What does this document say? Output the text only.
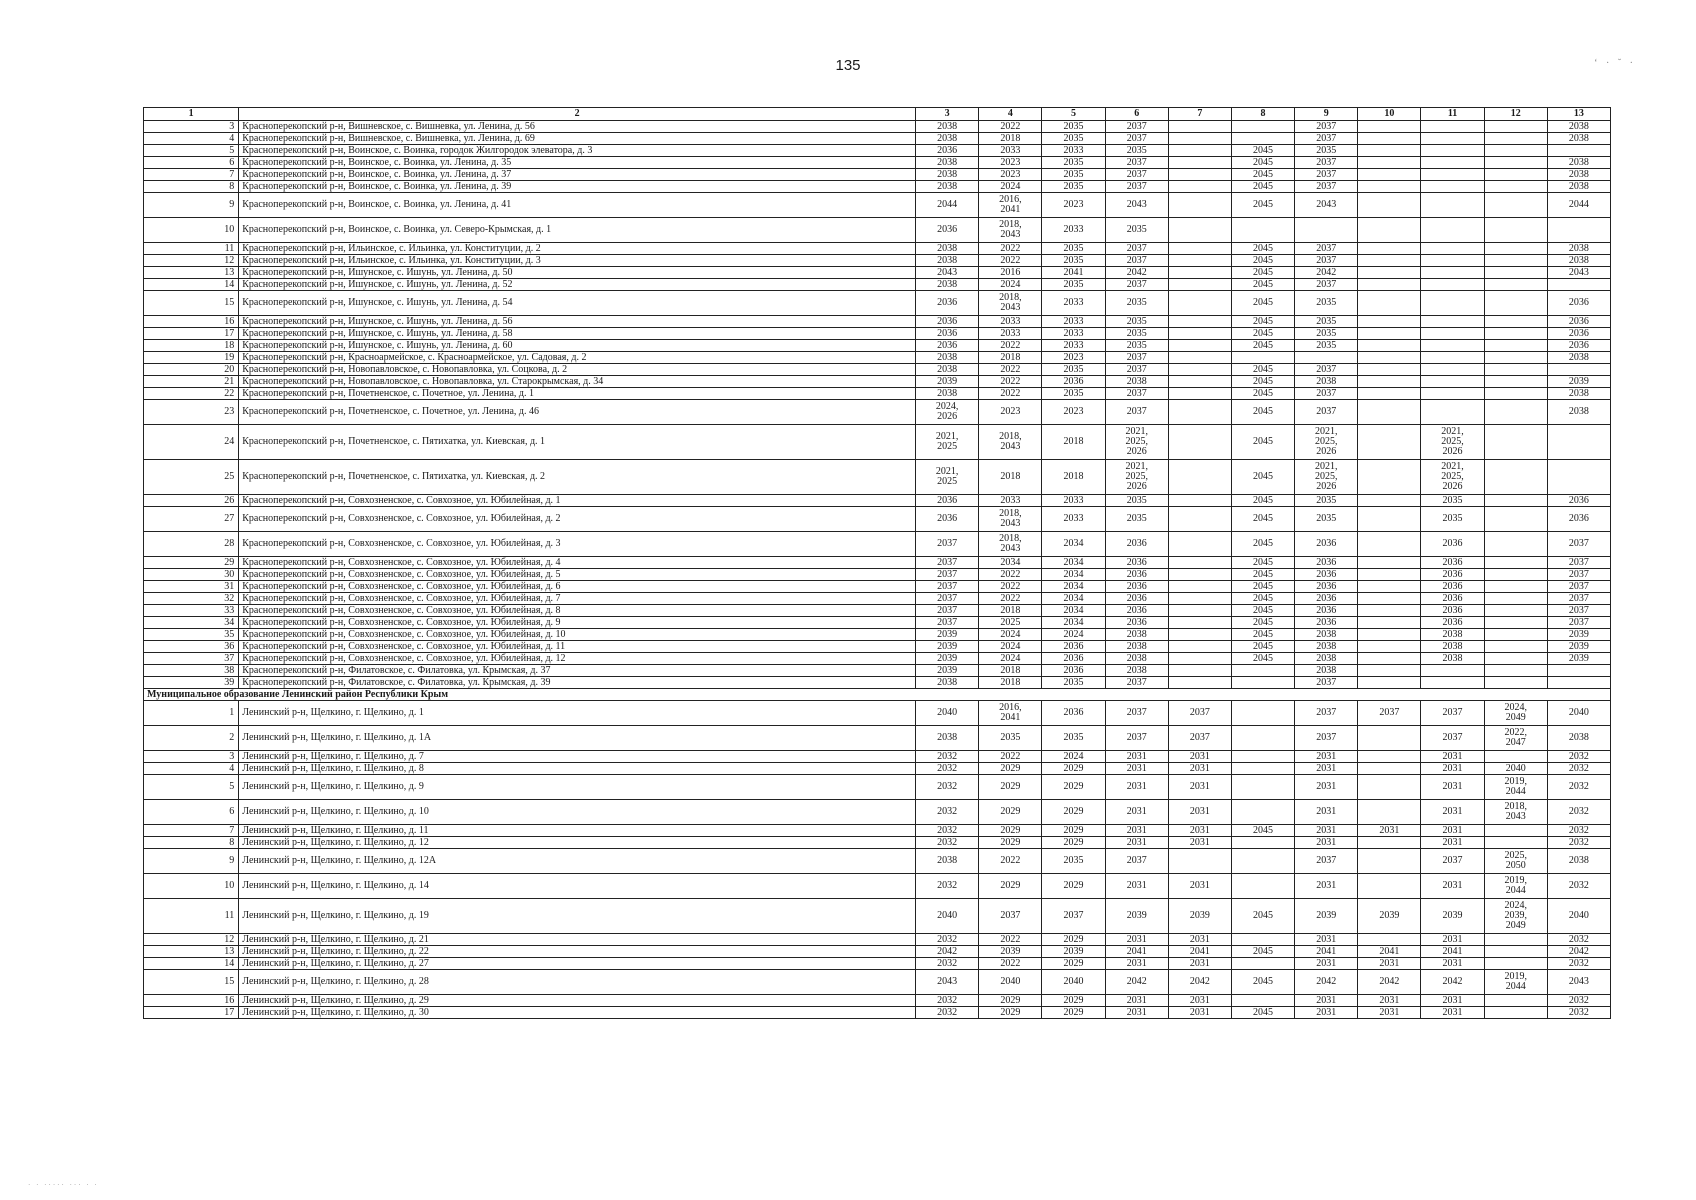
135	‘ · ˘ ·
· · ····· ··· · ·
1	2	3	4	5	6	7	8	9	10	11	12	13
3	Красноперекопский р-н, Вишневское, с. Вишневка, ул. Ленина, д. 56	2038	2022	2035	2037			2037				2038
4	Красноперекопский р-н, Вишневское, с. Вишневка, ул. Ленина, д. 69	2038	2018	2035	2037			2037				2038
5	Красноперекопский р-н, Воинское, с. Воинка, городок Жилгородок элеватора, д. 3	2036	2033	2033	2035		2045	2035				
6	Красноперекопский р-н, Воинское, с. Воинка, ул. Ленина, д. 35	2038	2023	2035	2037		2045	2037				2038
7	Красноперекопский р-н, Воинское, с. Воинка, ул. Ленина, д. 37	2038	2023	2035	2037		2045	2037				2038
8	Красноперекопский р-н, Воинское, с. Воинка, ул. Ленина, д. 39	2038	2024	2035	2037		2045	2037				2038
9	Красноперекопский р-н, Воинское, с. Воинка, ул. Ленина, д. 41	2044	2016,
2041	2023	2043		2045	2043				2044
10	Красноперекопский р-н, Воинское, с. Воинка, ул. Северо-Крымская, д. 1	2036	2018,
2043	2033	2035							
11	Красноперекопский р-н, Ильинское, с. Ильинка, ул. Конституции, д. 2	2038	2022	2035	2037		2045	2037				2038
12	Красноперекопский р-н, Ильинское, с. Ильинка, ул. Конституции, д. 3	2038	2022	2035	2037		2045	2037				2038
13	Красноперекопский р-н, Ишунское, с. Ишунь, ул. Ленина, д. 50	2043	2016	2041	2042		2045	2042				2043
14	Красноперекопский р-н, Ишунское, с. Ишунь, ул. Ленина, д. 52	2038	2024	2035	2037		2045	2037				
15	Красноперекопский р-н, Ишунское, с. Ишунь, ул. Ленина, д. 54	2036	2018,
2043	2033	2035		2045	2035				2036
16	Красноперекопский р-н, Ишунское, с. Ишунь, ул. Ленина, д. 56	2036	2033	2033	2035		2045	2035				2036
17	Красноперекопский р-н, Ишунское, с. Ишунь, ул. Ленина, д. 58	2036	2033	2033	2035		2045	2035				2036
18	Красноперекопский р-н, Ишунское, с. Ишунь, ул. Ленина, д. 60	2036	2022	2033	2035		2045	2035				2036
19	Красноперекопский р-н, Красноармейское, с. Красноармейское, ул. Садовая, д. 2	2038	2018	2023	2037							2038
20	Красноперекопский р-н, Новопавловское, с. Новопавловка, ул. Соцкова, д. 2	2038	2022	2035	2037		2045	2037				
21	Красноперекопский р-н, Новопавловское, с. Новопавловка, ул. Старокрымская, д. 34	2039	2022	2036	2038		2045	2038				2039
22	Красноперекопский р-н, Почетненское, с. Почетное, ул. Ленина, д. 1	2038	2022	2035	2037		2045	2037				2038
23	Красноперекопский р-н, Почетненское, с. Почетное, ул. Ленина, д. 46	2024,
2026	2023	2023	2037		2045	2037				2038
24	Красноперекопский р-н, Почетненское, с. Пятихатка, ул. Киевская, д. 1	2021,
2025	2018,
2043	2018	2021,
2025,
2026		2045	2021,
2025,
2026		2021,
2025,
2026		
25	Красноперекопский р-н, Почетненское, с. Пятихатка, ул. Киевская, д. 2	2021,
2025	2018	2018	2021,
2025,
2026		2045	2021,
2025,
2026		2021,
2025,
2026		
26	Красноперекопский р-н, Совхозненское, с. Совхозное, ул. Юбилейная, д. 1	2036	2033	2033	2035		2045	2035		2035		2036
27	Красноперекопский р-н, Совхозненское, с. Совхозное, ул. Юбилейная, д. 2	2036	2018,
2043	2033	2035		2045	2035		2035		2036
28	Красноперекопский р-н, Совхозненское, с. Совхозное, ул. Юбилейная, д. 3	2037	2018,
2043	2034	2036		2045	2036		2036		2037
29	Красноперекопский р-н, Совхозненское, с. Совхозное, ул. Юбилейная, д. 4	2037	2034	2034	2036		2045	2036		2036		2037
30	Красноперекопский р-н, Совхозненское, с. Совхозное, ул. Юбилейная, д. 5	2037	2022	2034	2036		2045	2036		2036		2037
31	Красноперекопский р-н, Совхозненское, с. Совхозное, ул. Юбилейная, д. 6	2037	2022	2034	2036		2045	2036		2036		2037
32	Красноперекопский р-н, Совхозненское, с. Совхозное, ул. Юбилейная, д. 7	2037	2022	2034	2036		2045	2036		2036		2037
33	Красноперекопский р-н, Совхозненское, с. Совхозное, ул. Юбилейная, д. 8	2037	2018	2034	2036		2045	2036		2036		2037
34	Красноперекопский р-н, Совхозненское, с. Совхозное, ул. Юбилейная, д. 9	2037	2025	2034	2036		2045	2036		2036		2037
35	Красноперекопский р-н, Совхозненское, с. Совхозное, ул. Юбилейная, д. 10	2039	2024	2024	2038		2045	2038		2038		2039
36	Красноперекопский р-н, Совхозненское, с. Совхозное, ул. Юбилейная, д. 11	2039	2024	2036	2038		2045	2038		2038		2039
37	Красноперекопский р-н, Совхозненское, с. Совхозное, ул. Юбилейная, д. 12	2039	2024	2036	2038		2045	2038		2038		2039
38	Красноперекопский р-н, Филатовское, с. Филатовка, ул. Крымская, д. 37	2039	2018	2036	2038			2038				
39	Красноперекопский р-н, Филатовское, с. Филатовка, ул. Крымская, д. 39	2038	2018	2035	2037			2037				
Муниципальное образование Ленинский район Республики Крым												
1	Ленинский р-н, Щелкино, г. Щелкино, д. 1	2040	2016,
2041	2036	2037	2037		2037	2037	2037	2024,
2049	2040
2	Ленинский р-н, Щелкино, г. Щелкино, д. 1А	2038	2035	2035	2037	2037		2037		2037	2022,
2047	2038
3	Ленинский р-н, Щелкино, г. Щелкино, д. 7	2032	2022	2024	2031	2031		2031		2031		2032
4	Ленинский р-н, Щелкино, г. Щелкино, д. 8	2032	2029	2029	2031	2031		2031		2031	2040	2032
5	Ленинский р-н, Щелкино, г. Щелкино, д. 9	2032	2029	2029	2031	2031		2031		2031	2019,
2044	2032
6	Ленинский р-н, Щелкино, г. Щелкино, д. 10	2032	2029	2029	2031	2031		2031		2031	2018,
2043	2032
7	Ленинский р-н, Щелкино, г. Щелкино, д. 11	2032	2029	2029	2031	2031	2045	2031	2031	2031		2032
8	Ленинский р-н, Щелкино, г. Щелкино, д. 12	2032	2029	2029	2031	2031		2031		2031		2032
9	Ленинский р-н, Щелкино, г. Щелкино, д. 12А	2038	2022	2035	2037			2037		2037	2025,
2050	2038
10	Ленинский р-н, Щелкино, г. Щелкино, д. 14	2032	2029	2029	2031	2031		2031		2031	2019,
2044	2032
11	Ленинский р-н, Щелкино, г. Щелкино, д. 19	2040	2037	2037	2039	2039	2045	2039	2039	2039	2024,
2039,
2049	2040
12	Ленинский р-н, Щелкино, г. Щелкино, д. 21	2032	2022	2029	2031	2031		2031		2031		2032
13	Ленинский р-н, Щелкино, г. Щелкино, д. 22	2042	2039	2039	2041	2041	2045	2041	2041	2041		2042
14	Ленинский р-н, Щелкино, г. Щелкино, д. 27	2032	2022	2029	2031	2031		2031	2031	2031		2032
15	Ленинский р-н, Щелкино, г. Щелкино, д. 28	2043	2040	2040	2042	2042	2045	2042	2042	2042	2019,
2044	2043
16	Ленинский р-н, Щелкино, г. Щелкино, д. 29	2032	2029	2029	2031	2031		2031	2031	2031		2032
17	Ленинский р-н, Щелкино, г. Щелкино, д. 30	2032	2029	2029	2031	2031	2045	2031	2031	2031		2032
